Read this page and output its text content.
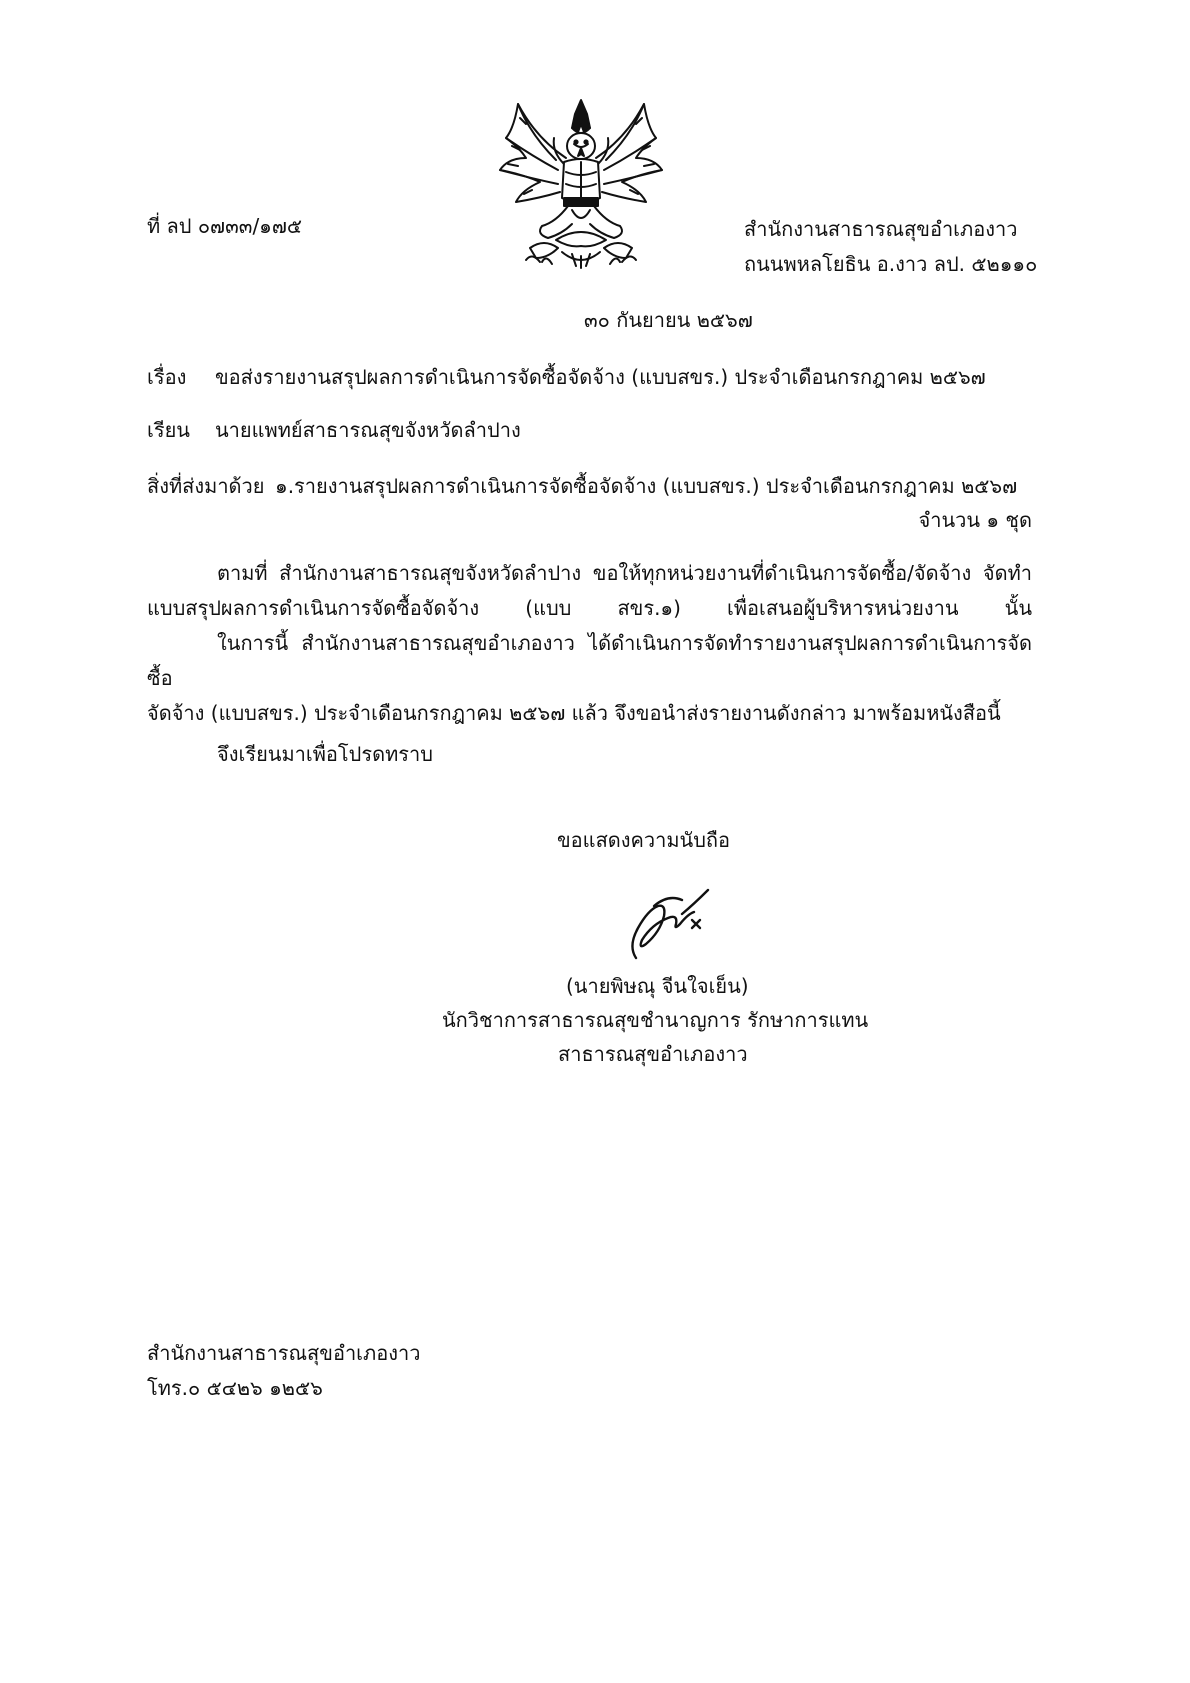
ที่ ลป ๐๗๓๓/๑๗๕	สำนักงานสาธารณสุขอำเภองาว
ถนนพหลโยธิน อ.งาว ลป. ๕๒๑๑๐
๓๐ กันยายน ๒๕๖๗
เรื่อง ขอส่งรายงานสรุปผลการดำเนินการจัดซื้อจัดจ้าง (แบบสขร.) ประจำเดือนกรกฎาคม ๒๕๖๗
เรียน นายแพทย์สาธารณสุขจังหวัดลำปาง
สิ่งที่ส่งมาด้วย ๑.รายงานสรุปผลการดำเนินการจัดซื้อจัดจ้าง (แบบสขร.) ประจำเดือนกรกฎาคม ๒๕๖๗
จำนวน ๑ ชุด

ตามที่ สำนักงานสาธารณสุขจังหวัดลำปาง ขอให้ทุกหน่วยงานที่ดำเนินการจัดซื้อ/จัดจ้าง จัดทำ

แบบสรุปผลการดำเนินการจัดซื้อจัดจ้าง (แบบ สขร.๑) เพื่อเสนอผู้บริหารหน่วยงาน นั้น

ในการนี้ สำนักงานสาธารณสุขอำเภองาว ได้ดำเนินการจัดทำรายงานสรุปผลการดำเนินการจัดซื้อ

จัดจ้าง (แบบสขร.) ประจำเดือนกรกฎาคม ๒๕๖๗ แล้ว จึงขอนำส่งรายงานดังกล่าว มาพร้อมหนังสือนี้

จึงเรียนมาเพื่อโปรดทราบ
ขอแสดงความนับถือ
(นายพิษณุ จีนใจเย็น)
นักวิชาการสาธารณสุขชำนาญการ รักษาการแทน
สาธารณสุขอำเภองาว
สำนักงานสาธารณสุขอำเภองาว
โทร.๐ ๕๔๒๖ ๑๒๕๖
